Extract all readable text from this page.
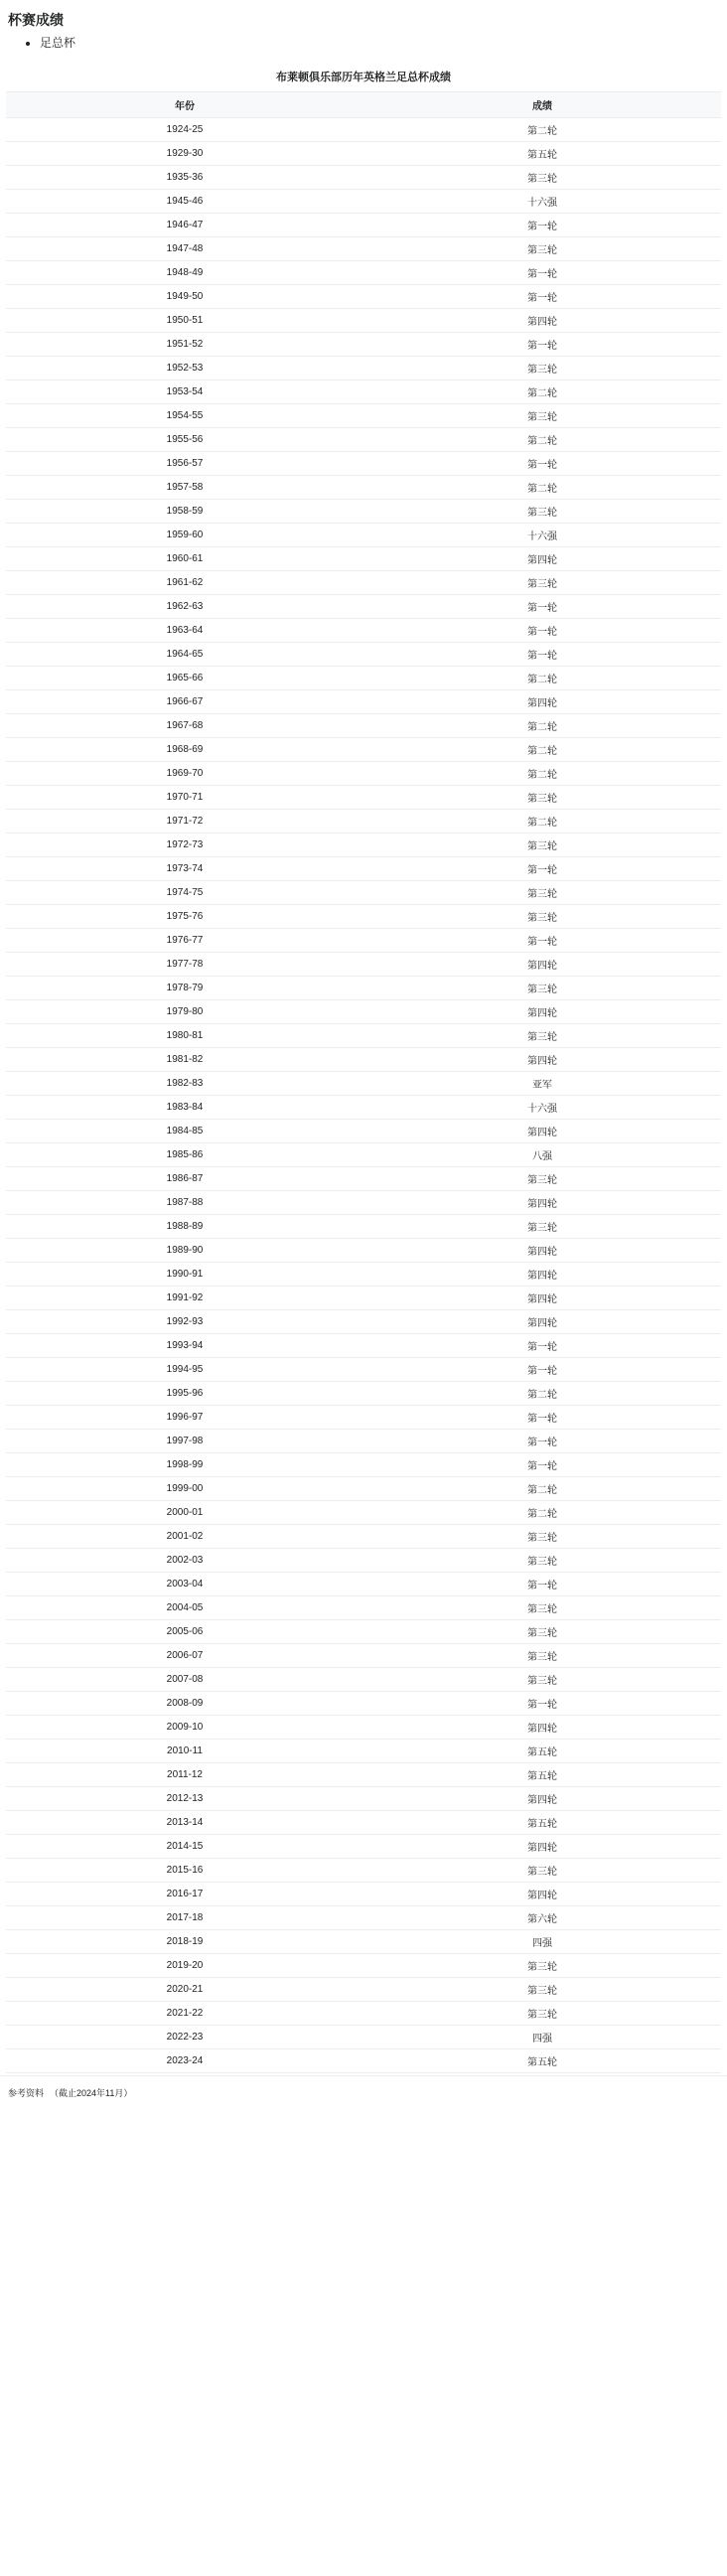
杯赛成绩
• 足总杯
布莱顿俱乐部历年英格兰足总杯成绩
年份	成绩
1924-25	第二轮
1929-30	第五轮
1935-36	第三轮
1945-46	十六强
1946-47	第一轮
1947-48	第三轮
1948-49	第一轮
1949-50	第一轮
1950-51	第四轮
1951-52	第一轮
1952-53	第三轮
1953-54	第二轮
1954-55	第三轮
1955-56	第二轮
1956-57	第一轮
1957-58	第二轮
1958-59	第三轮
1959-60	十六强
1960-61	第四轮
1961-62	第三轮
1962-63	第一轮
1963-64	第一轮
1964-65	第一轮
1965-66	第二轮
1966-67	第四轮
1967-68	第二轮
1968-69	第二轮
1969-70	第二轮
1970-71	第三轮
1971-72	第二轮
1972-73	第三轮
1973-74	第一轮
1974-75	第三轮
1975-76	第三轮
1976-77	第一轮
1977-78	第四轮
1978-79	第三轮
1979-80	第四轮
1980-81	第三轮
1981-82	第四轮
1982-83	亚军
1983-84	十六强
1984-85	第四轮
1985-86	八强
1986-87	第三轮
1987-88	第四轮
1988-89	第三轮
1989-90	第四轮
1990-91	第四轮
1991-92	第四轮
1992-93	第四轮
1993-94	第一轮
1994-95	第一轮
1995-96	第二轮
1996-97	第一轮
1997-98	第一轮
1998-99	第一轮
1999-00	第二轮
2000-01	第二轮
2001-02	第三轮
2002-03	第三轮
2003-04	第一轮
2004-05	第三轮
2005-06	第三轮
2006-07	第三轮
2007-08	第三轮
2008-09	第一轮
2009-10	第四轮
2010-11	第五轮
2011-12	第五轮
2012-13	第四轮
2013-14	第五轮
2014-15	第四轮
2015-16	第三轮
2016-17	第四轮
2017-18	第六轮
2018-19	四强
2019-20	第三轮
2020-21	第三轮
2021-22	第三轮
2022-23	四强
2023-24	第五轮
参考资料 （截止2024年11月）
